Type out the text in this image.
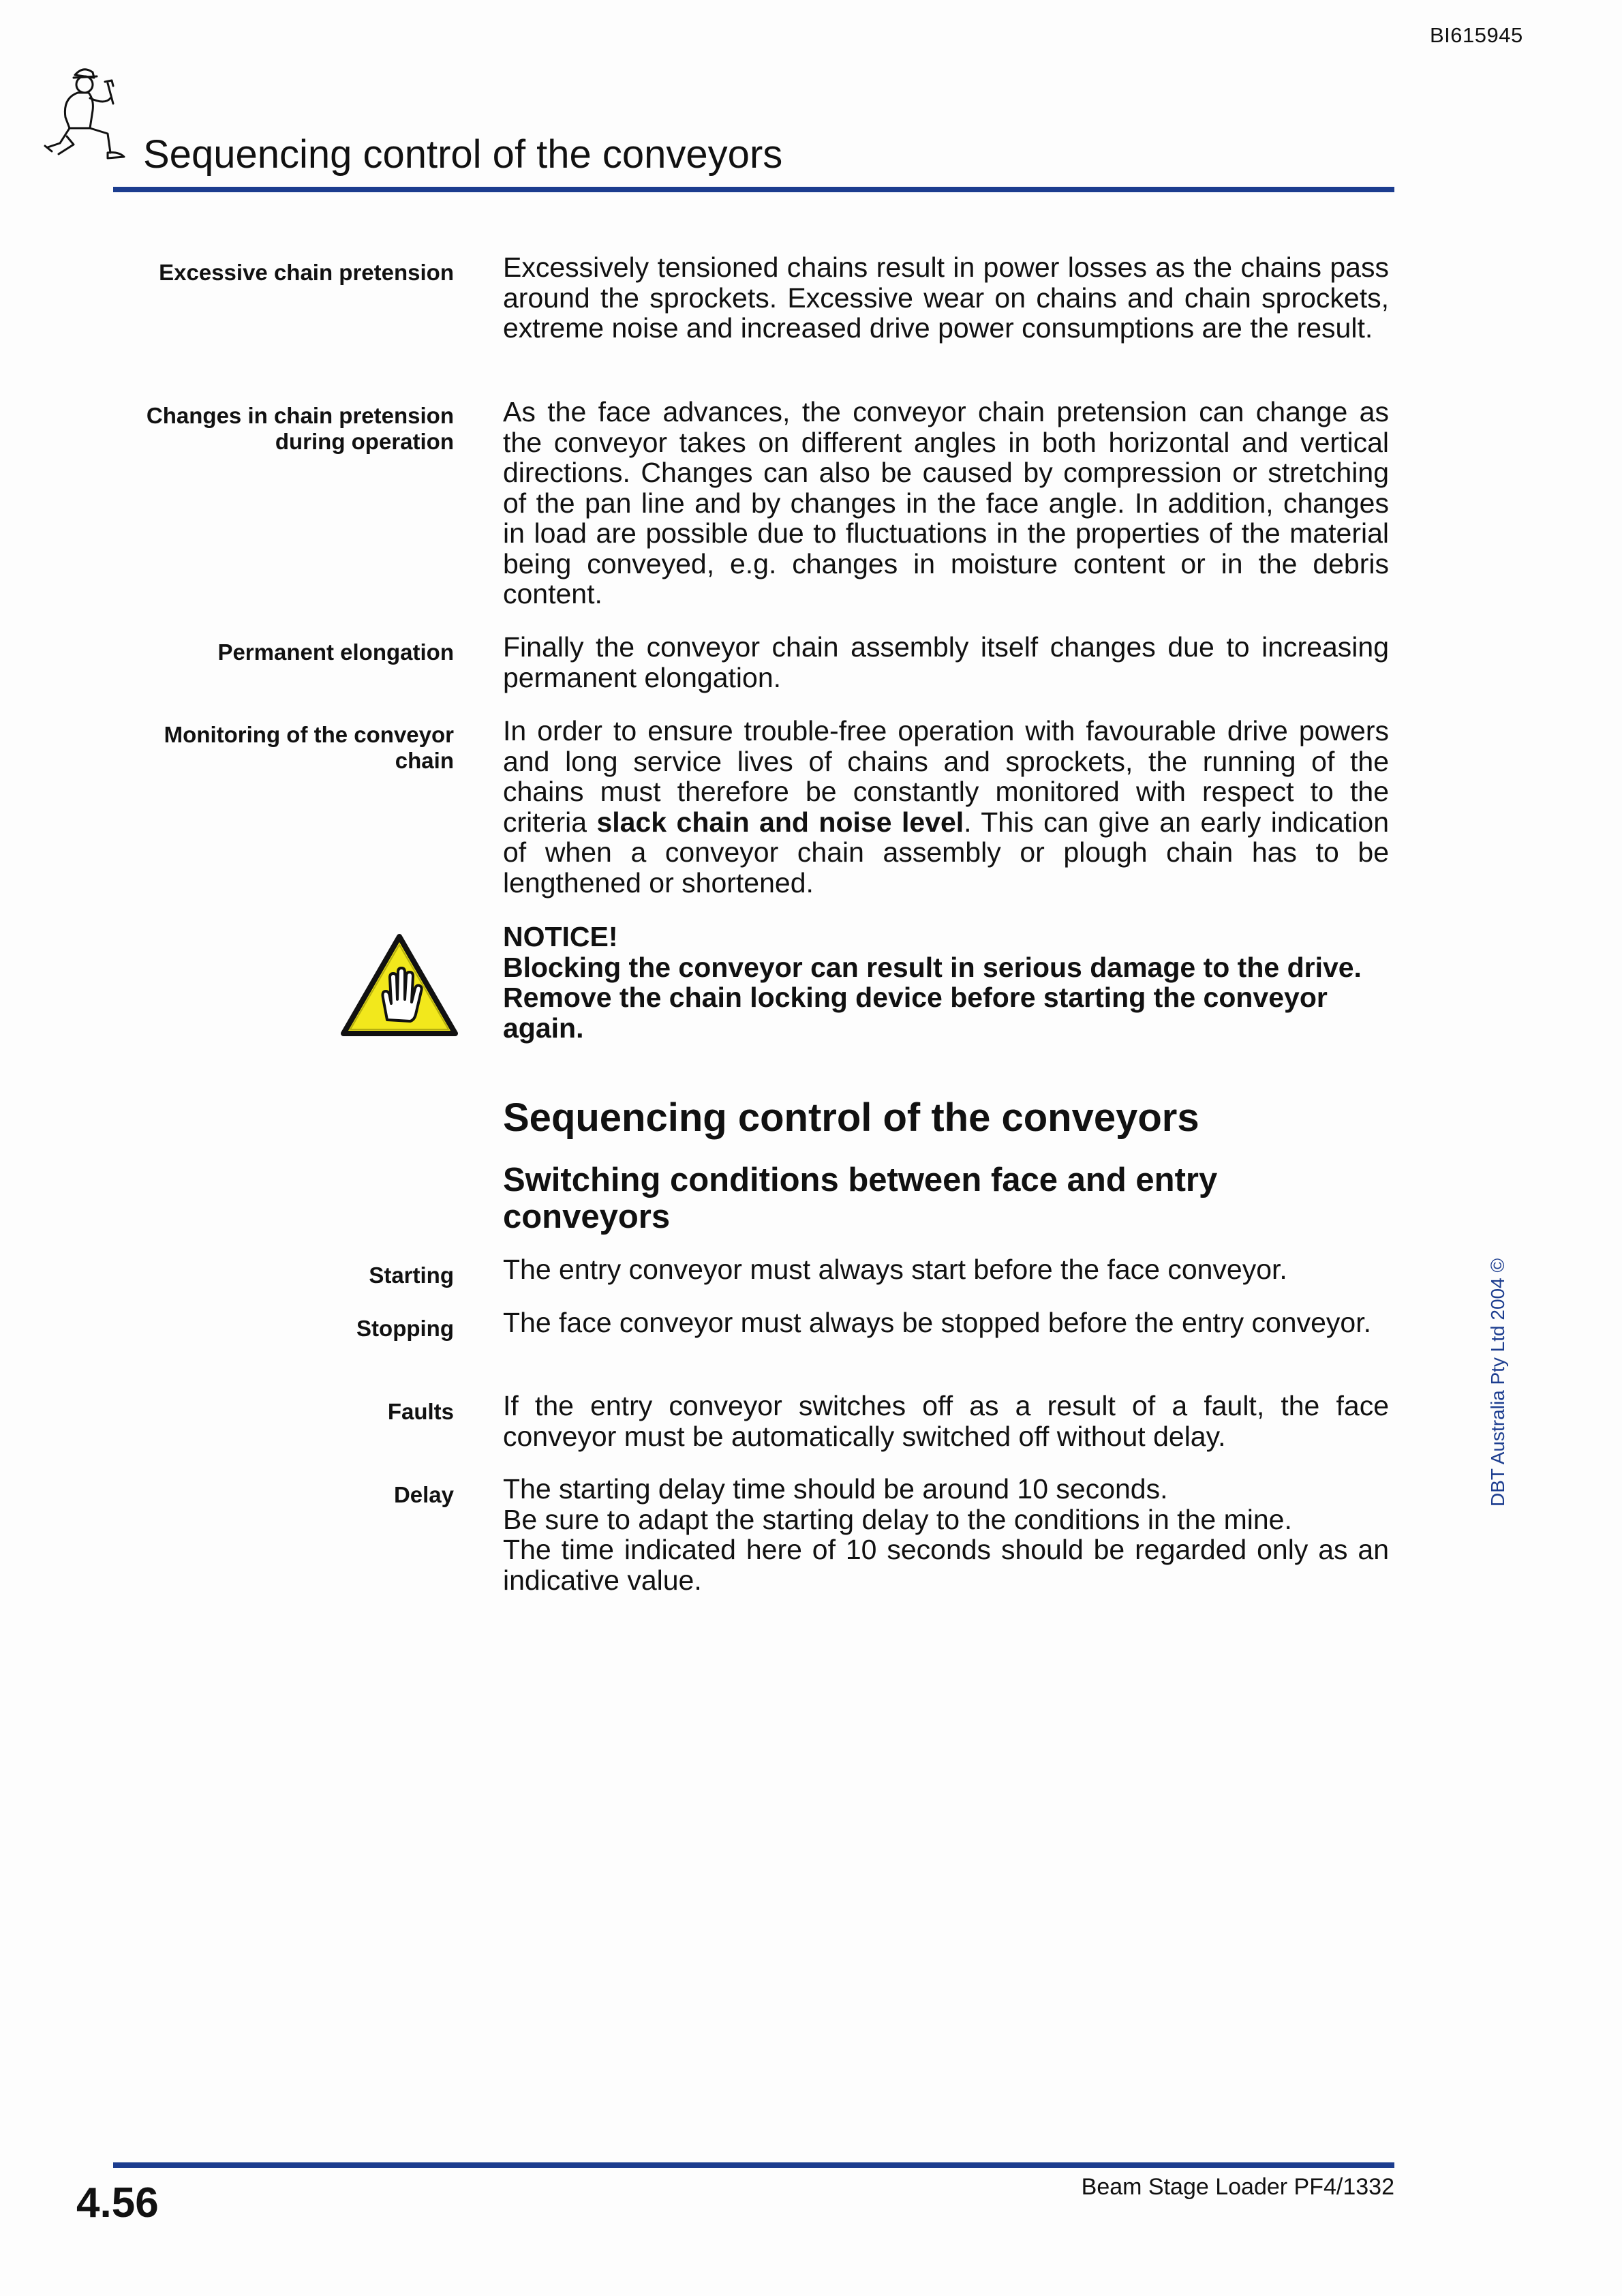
BI615945
Sequencing control of the conveyors
Excessive chain pretension Excessively tensioned chains result in power losses as the chains pass around the sprockets. Excessive wear on chains and chain sprockets, extreme noise and increased drive power consumptions are the result.
Changes in chain pretension
during operation
As the face advances, the conveyor chain pretension can change as the conveyor takes on different angles in both horizontal and vertical directions. Changes can also be caused by compression or stretching of the pan line and by changes in the face angle. In addition, changes in load are possible due to fluctuations in the properties of the material being conveyed, e.g. changes in moisture content or in the debris content.
Permanent elongation Finally the conveyor chain assembly itself changes due to increasing permanent elongation.
Monitoring of the conveyor
chain
In order to ensure trouble-free operation with favourable drive powers and long service lives of chains and sprockets, the running of the chains must therefore be constantly monitored with respect to the criteria slack chain and noise level. This can give an early indication of when a conveyor chain assembly or plough chain has to be lengthened or shortened.
NOTICE!
Blocking the conveyor can result in serious damage to the drive. Remove the chain locking device before starting the conveyor again.
Sequencing control of the conveyors
Switching conditions between face and entry conveyors
Starting The entry conveyor must always start before the face conveyor.
Stopping The face conveyor must always be stopped before the entry conveyor.
Faults If the entry conveyor switches off as a result of a fault, the face conveyor must be automatically switched off without delay.
Delay The starting delay time should be around 10 seconds.
Be sure to adapt the starting delay to the conditions in the mine.
The time indicated here of 10 seconds should be regarded only as an indicative value.
DBT Australia Pty Ltd 2004 ©
4.56	Beam Stage Loader PF4/1332
